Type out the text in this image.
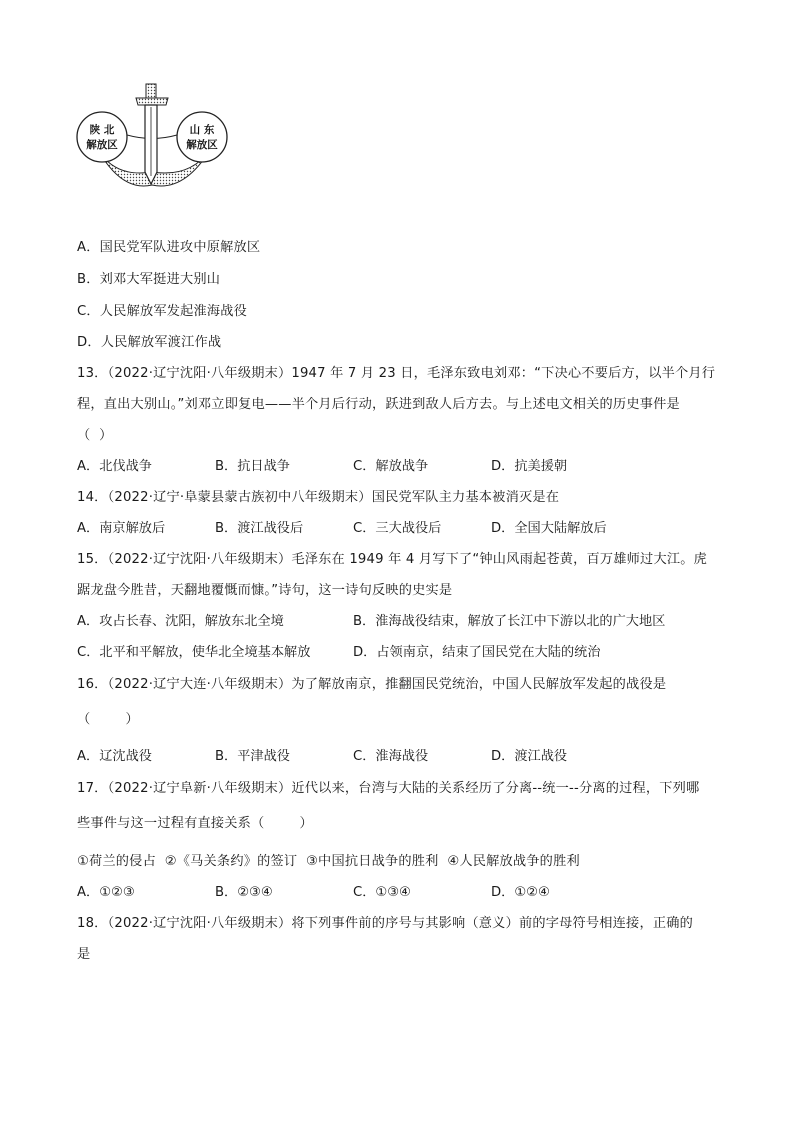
陕 北
解放区
山 东
解放区
A．国民党军队进攻中原解放区
B．刘邓大军挺进大别山
C．人民解放军发起淮海战役
D．人民解放军渡江作战
13．（2022·辽宁沈阳·八年级期末）1947 年 7 月 23 日，毛泽东致电刘邓：“下决心不要后方，以半个月行
程，直出大别山。”刘邓立即复电——半个月后行动，跃进到敌人后方去。与上述电文相关的历史事件是
（  ）
A．北伐战争	B．抗日战争	C．解放战争	D．抗美援朝
14．（2022·辽宁·阜蒙县蒙古族初中八年级期末）国民党军队主力基本被消灭是在
A．南京解放后	B．渡江战役后	C．三大战役后	D．全国大陆解放后
15．（2022·辽宁沈阳·八年级期末）毛泽东在 1949 年 4 月写下了“钟山风雨起苍黄，百万雄师过大江。虎
踞龙盘今胜昔，天翻地覆慨而慷。”诗句，这一诗句反映的史实是
A．攻占长春、沈阳，解放东北全境	B．淮海战役结束，解放了长江中下游以北的广大地区
C．北平和平解放，使华北全境基本解放	D．占领南京，结束了国民党在大陆的统治
16．（2022·辽宁大连·八年级期末）为了解放南京，推翻国民党统治，中国人民解放军发起的战役是
（        ）
A．辽沈战役	B．平津战役	C．淮海战役	D．渡江战役
17．（2022·辽宁阜新·八年级期末）近代以来，台湾与大陆的关系经历了分离--统一--分离的过程，下列哪
些事件与这一过程有直接关系（        ）
①荷兰的侵占  ②《马关条约》的签订  ③中国抗日战争的胜利  ④人民解放战争的胜利
A．①②③	B．②③④	C．①③④	D．①②④
18．（2022·辽宁沈阳·八年级期末）将下列事件前的序号与其影响（意义）前的字母符号相连接，正确的
是
